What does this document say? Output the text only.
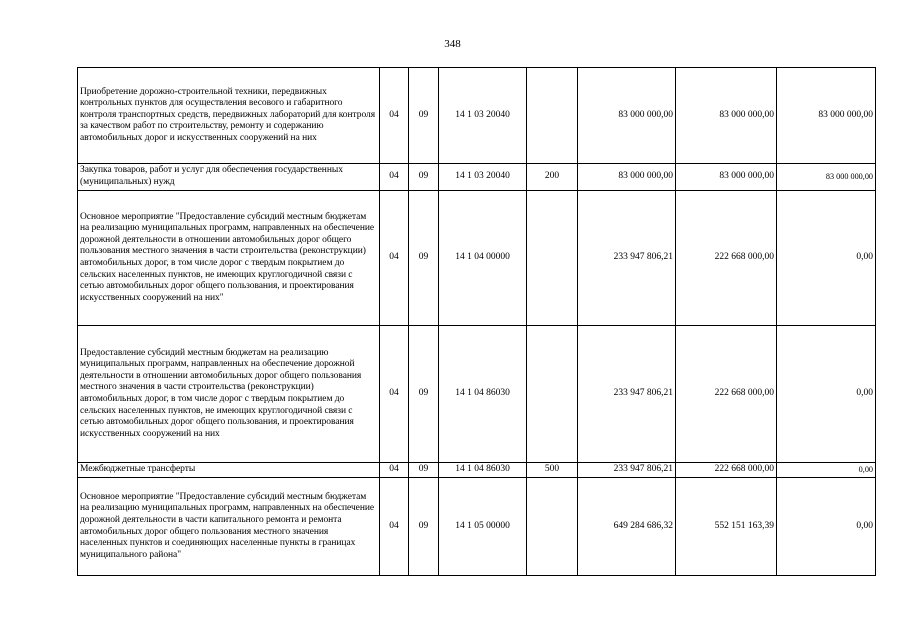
348
Приобретение дорожно-строительной техники, передвижных контрольных пунктов для осуществления весового и габаритного контроля транспортных средств, передвижных лабораторий для контроля за качеством работ по строительству, ремонту и содержанию автомобильных дорог и искусственных сооружений на них	04	09	14 1 03 20040		83 000 000,00	83 000 000,00	83 000 000,00
Закупка товаров, работ и услуг для обеспечения государственных (муниципальных) нужд	04	09	14 1 03 20040	200	83 000 000,00	83 000 000,00	83 000 000,00
Основное мероприятие "Предоставление субсидий местным бюджетам на реализацию муниципальных программ, направленных на обеспечение дорожной деятельности в отношении автомобильных дорог общего пользования местного значения в части строительства (реконструкции) автомобильных дорог, в том числе дорог с твердым покрытием до сельских населенных пунктов, не имеющих круглогодичной связи с сетью автомобильных дорог общего пользования, и проектирования искусственных сооружений на них"	04	09	14 1 04 00000		233 947 806,21	222 668 000,00	0,00
Предоставление субсидий местным бюджетам на реализацию муниципальных программ, направленных на обеспечение дорожной деятельности в отношении автомобильных дорог общего пользования местного значения в части строительства (реконструкции) автомобильных дорог, в том числе дорог с твердым покрытием до сельских населенных пунктов, не имеющих круглогодичной связи с сетью автомобильных дорог общего пользования, и проектирования искусственных сооружений на них	04	09	14 1 04 86030		233 947 806,21	222 668 000,00	0,00
Межбюджетные трансферты	04	09	14 1 04 86030	500	233 947 806,21	222 668 000,00	0,00
Основное мероприятие "Предоставление субсидий местным бюджетам на реализацию муниципальных программ, направленных на обеспечение дорожной деятельности в части капитального ремонта и ремонта автомобильных дорог общего пользования местного значения населенных пунктов и соединяющих населенные пункты в границах муниципального района"	04	09	14 1 05 00000		649 284 686,32	552 151 163,39	0,00
